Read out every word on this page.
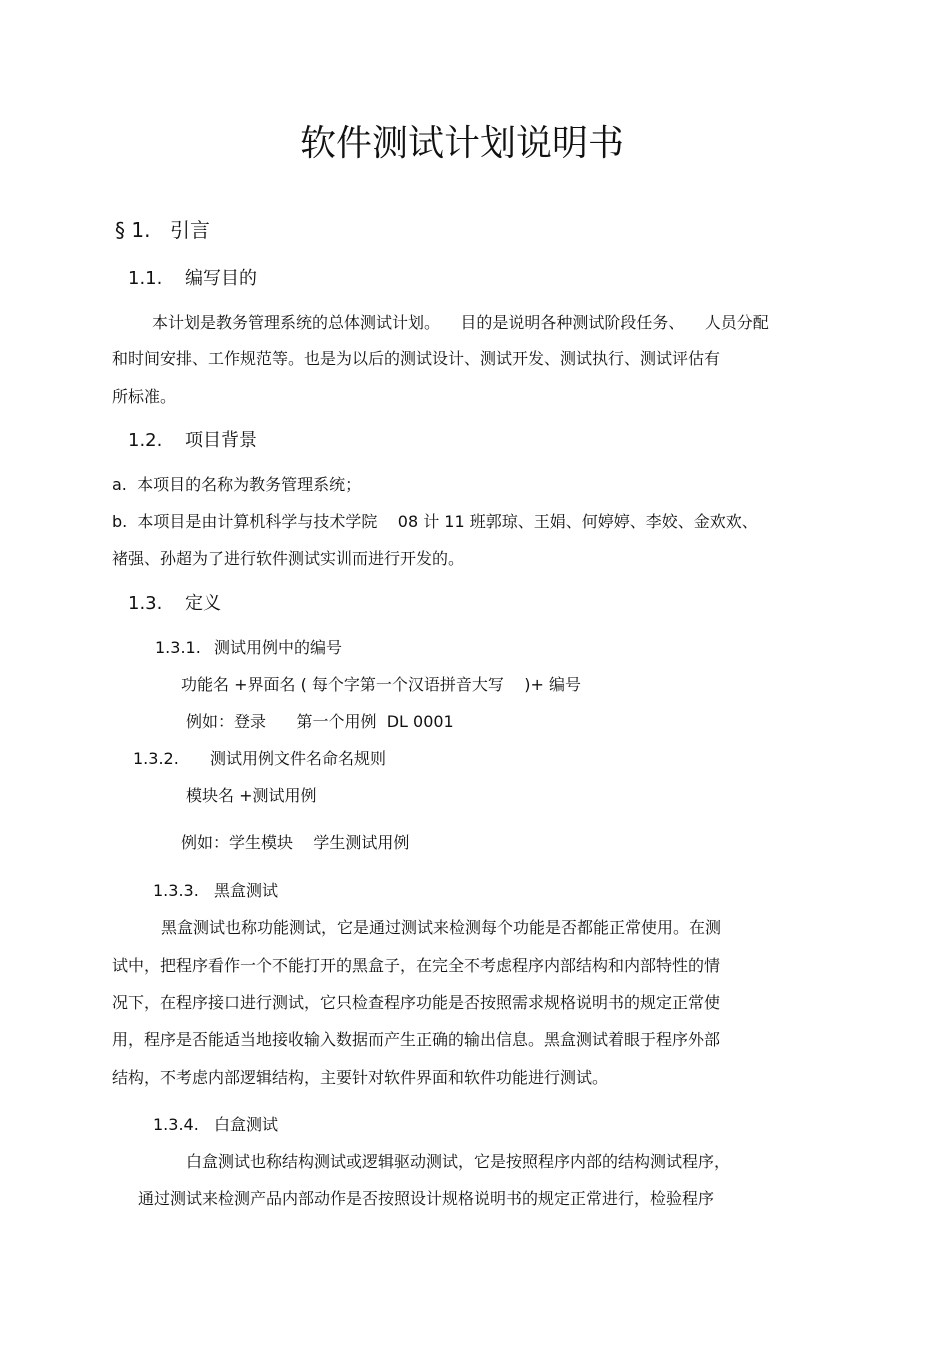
软件测试计划说明书
§ 1. 引言
1.1. 编写目的
本计划是教务管理系统的总体测试计划。    目的是说明各种测试阶段任务、    人员分配
和时间安排、工作规范等。也是为以后的测试设计、测试开发、测试执行、测试评估有
所标准。
1.2. 项目背景
a.  本项目的名称为教务管理系统；
b.  本项目是由计算机科学与技术学院    08 计 11 班郭琼、王娟、何婷婷、李姣、金欢欢、
褚强、孙超为了进行软件测试实训而进行开发的。
1.3. 定义
1.3.1. 测试用例中的编号
功能名 +界面名 ( 每个字第一个汉语拼音大写    )+ 编号
例如：登录      第一个用例  DL 0001
1.3.2. 测试用例文件名命名规则
模块名 +测试用例
例如：学生模块    学生测试用例
1.3.3. 黑盒测试
黑盒测试也称功能测试，它是通过测试来检测每个功能是否都能正常使用。在测
试中，把程序看作一个不能打开的黑盒子，在完全不考虑程序内部结构和内部特性的情
况下，在程序接口进行测试，它只检查程序功能是否按照需求规格说明书的规定正常使
用，程序是否能适当地接收输入数据而产生正确的输出信息。黑盒测试着眼于程序外部
结构，不考虑内部逻辑结构，主要针对软件界面和软件功能进行测试。
1.3.4. 白盒测试
白盒测试也称结构测试或逻辑驱动测试，它是按照程序内部的结构测试程序，
通过测试来检测产品内部动作是否按照设计规格说明书的规定正常进行，检验程序
